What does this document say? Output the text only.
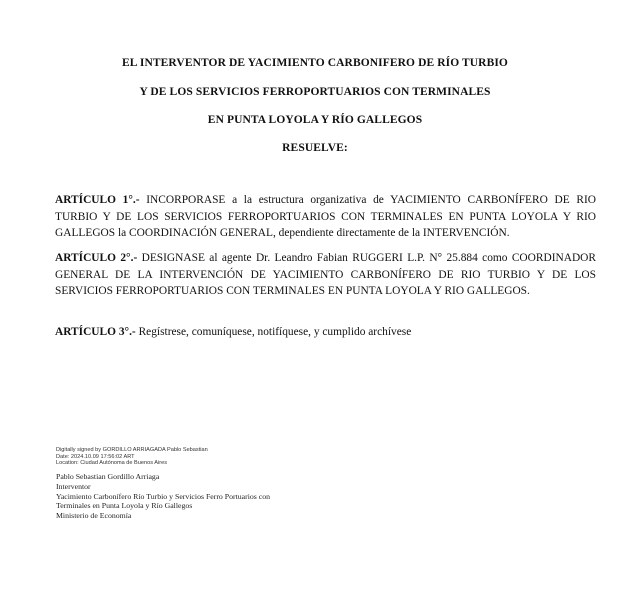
EL INTERVENTOR DE YACIMIENTO CARBONIFERO DE RÍO TURBIO
Y DE LOS SERVICIOS FERROPORTUARIOS CON TERMINALES
EN PUNTA LOYOLA Y RÍO GALLEGOS
RESUELVE:
ARTÍCULO 1°.- INCORPORASE a la estructura organizativa de YACIMIENTO CARBONÍFERO DE RIO TURBIO Y DE LOS SERVICIOS FERROPORTUARIOS CON TERMINALES EN PUNTA LOYOLA Y RIO GALLEGOS la COORDINACIÓN GENERAL, dependiente directamente de la INTERVENCIÓN.
ARTÍCULO 2°.- DESIGNASE al agente Dr. Leandro Fabian RUGGERI L.P. N° 25.884 como COORDINADOR GENERAL DE LA INTERVENCIÓN DE YACIMIENTO CARBONÍFERO DE RIO TURBIO Y DE LOS SERVICIOS FERROPORTUARIOS CON TERMINALES EN PUNTA LOYOLA Y RIO GALLEGOS.
ARTÍCULO 3°.- Regístrese, comuníquese, notifíquese, y cumplido archívese
Digitally signed by GORDILLO ARRIAGADA Pablo Sebastian
Date: 2024.10.09 17:56:02 ART
Location: Ciudad Autónoma de Buenos Aires
Pablo Sebastian Gordillo Arriaga
Interventor
Yacimiento Carbonífero Río Turbio y Servicios Ferro Portuarios con
Terminales en Punta Loyola y Río Gallegos
Ministerio de Economía
